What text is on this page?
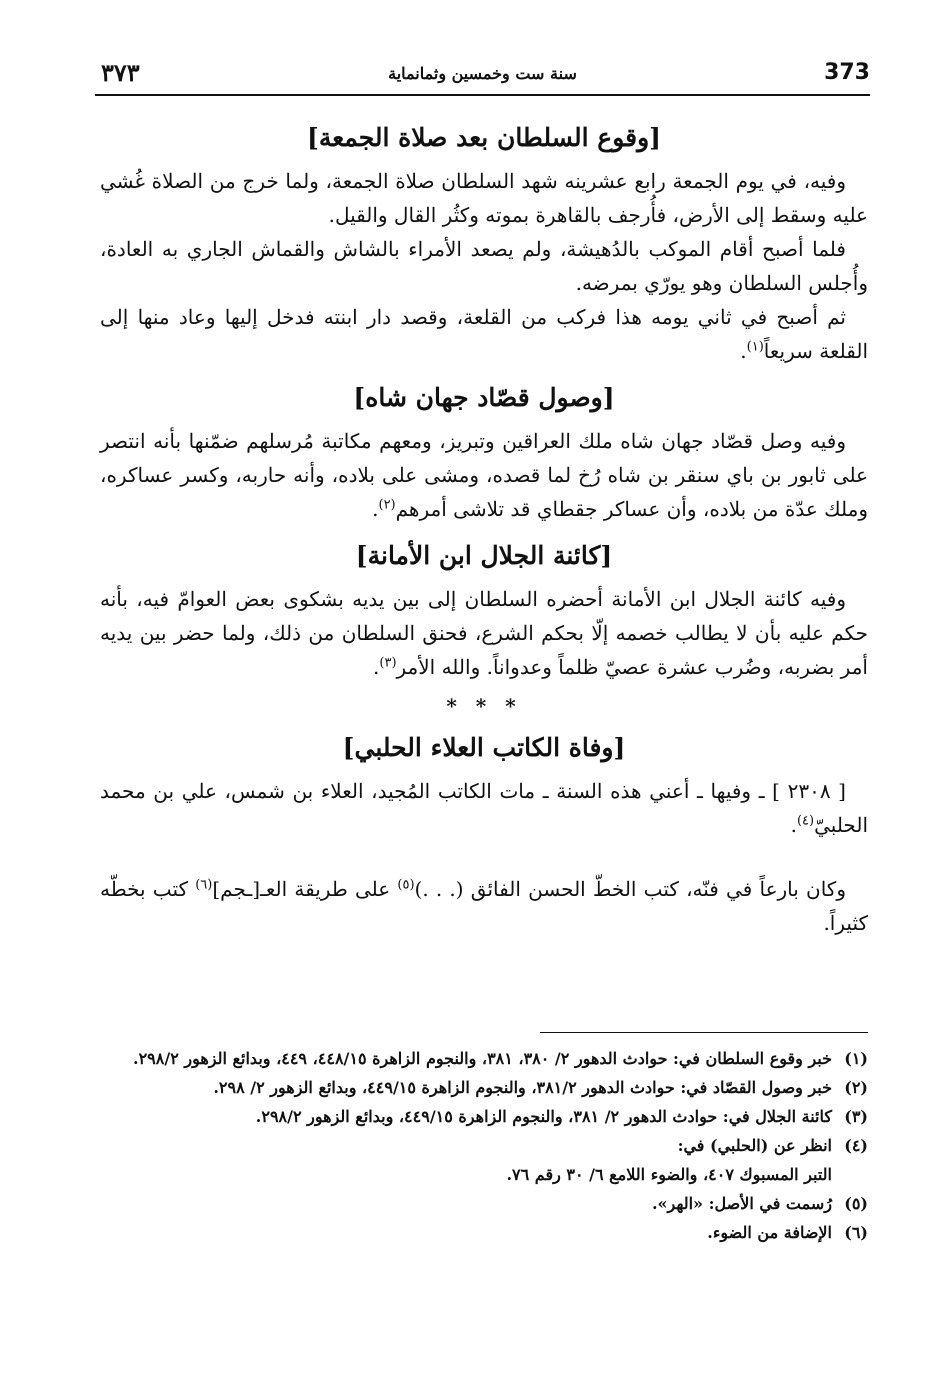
373
سنة ست وخمسين وثمانماية
٣٧٣
[وقوع السلطان بعد صلاة الجمعة]

وفيه، في يوم الجمعة رابع عشرينه شهد السلطان صلاة الجمعة، ولما خرج من الصلاة غُشي عليه وسقط إلى الأرض، فأُرجف بالقاهرة بموته وكثُر القال والقيل.

فلما أصبح أقام الموكب بالدُهيشة، ولم يصعد الأمراء بالشاش والقماش الجاري به العادة، وأُجلس السلطان وهو يورّي بمرضه.

ثم أصبح في ثاني يومه هذا فركب من القلعة، وقصد دار ابنته فدخل إليها وعاد منها إلى القلعة سريعاً$^{(١)}$.

[وصول قصّاد جهان شاه]

وفيه وصل قصّاد جهان شاه ملك العراقين وتبريز، ومعهم مكاتبة مُرسلهم ضمّنها بأنه انتصر على ثابور بن باي سنقر بن شاه رُخ لما قصده، ومشى على بلاده، وأنه حاربه، وكسر عساكره، وملك عدّة من بلاده، وأن عساكر جقطاي قد تلاشى أمرهم$^{(٢)}$.

[كائنة الجلال ابن الأمانة]

وفيه كائنة الجلال ابن الأمانة أحضره السلطان إلى بين يديه بشكوى بعض العوامّ فيه، بأنه حكم عليه بأن لا يطالب خصمه إلّا بحكم الشرع، فحنق السلطان من ذلك، ولما حضر بين يديه أمر بضربه، وضُرب عشرة عصيّ ظلماً وعدواناً. والله الأمر$^{(٣)}$.

* * *
[وفاة الكاتب العلاء الحلبي]

[ ٢٣٠٨ ] ـ وفيها ـ أعني هذه السنة ـ مات الكاتب المُجيد، العلاء بن شمس، علي بن محمد الحلبيّ$^{(٤)}$.

وكان بارعاً في فنّه، كتب الخطّ الحسن الفائق (. . .)$^{(٥)}$ على طريقة العـ[ـجم]$^{(٦)}$ كتب بخطّه كثيراً.

(١)
خبر وقوع السلطان في: حوادث الدهور ٢/ ٣٨٠، ٣٨١، والنجوم الزاهرة ٤٤٨/١٥، ٤٤٩، وبدائع الزهور ٢٩٨/٢.
(٢)
خبر وصول القصّاد في: حوادث الدهور ٣٨١/٢، والنجوم الزاهرة ٤٤٩/١٥، وبدائع الزهور ٢/ ٢٩٨.
(٣)
كائنة الجلال في: حوادث الدهور ٢/ ٣٨١، والنجوم الزاهرة ٤٤٩/١٥، وبدائع الزهور ٢٩٨/٢.
(٤)
انظر عن (الحلبي) في:
التبر المسبوك ٤٠٧، والضوء اللامع ٦/ ٣٠ رقم ٧٦.
(٥)
رُسمت في الأصل: «الهر».
(٦)
الإضافة من الضوء.
